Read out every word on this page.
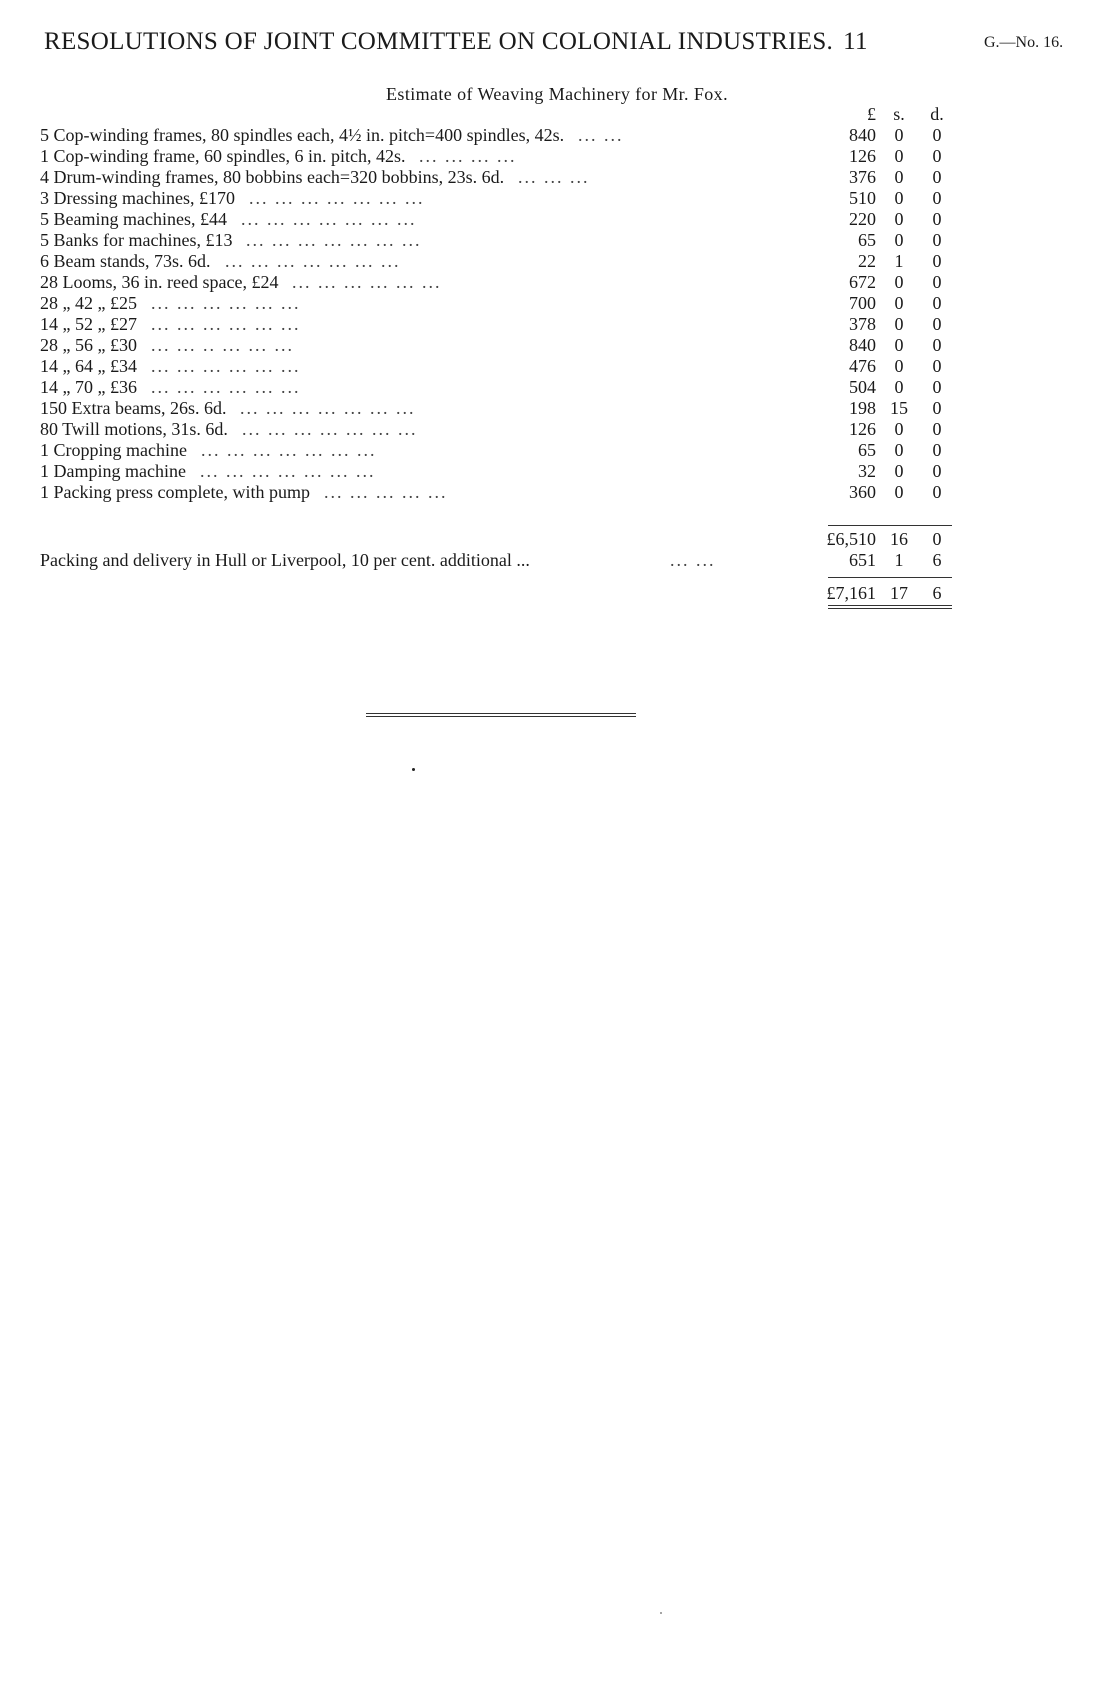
RESOLUTIONS OF JOINT COMMITTEE ON COLONIAL INDUSTRIES. 11	G.—No. 16.
Estimate of Weaving Machinery for Mr. Fox.
£ s.	d.
5 Cop-winding frames, 80 spindles each, 4½ in. pitch=400 spindles, 42s. ... ...	840	0	0
1 Cop-winding frame, 60 spindles, 6 in. pitch, 42s. ... ... ... ...	126	0	0
4 Drum-winding frames, 80 bobbins each=320 bobbins, 23s. 6d. ... ... ...	376	0	0
3 Dressing machines, £170 ... ... ... ... ... ... ...	510	0	0
5 Beaming machines, £44 ... ... ... ... ... ... ...	220	0	0
5 Banks for machines, £13 ... ... ... ... ... ... ...	65	0	0
6 Beam stands, 73s. 6d. ... ... ... ... ... ... ...	22	1	0
28 Looms, 36 in. reed space, £24 ... ... ... ... ... ...	672	0	0
28 „ 42 „ £25 ... ... ... ... ... ...	700	0	0
14 „ 52 „ £27 ... ... ... ... ... ...	378	0	0
28 „ 56 „ £30 ... ... .. ... ... ...	840	0	0
14 „ 64 „ £34 ... ... ... ... ... ...	476	0	0
14 „ 70 „ £36 ... ... ... ... ... ...	504	0	0
150 Extra beams, 26s. 6d. ... ... ... ... ... ... ...	198 15	0
80 Twill motions, 31s. 6d. ... ... ... ... ... ... ...	126	0	0
1 Cropping machine ... ... ... ... ... ... ...	65	0	0
1 Damping machine ... ... ... ... ... ... ...	32	0	0
1 Packing press complete, with pump ... ... ... ... ...	360	0	0
£6,510 16	0
Packing and delivery in Hull or Liverpool, 10 per cent. additional ...	... ...	651	1	6
£7,161 17	6
